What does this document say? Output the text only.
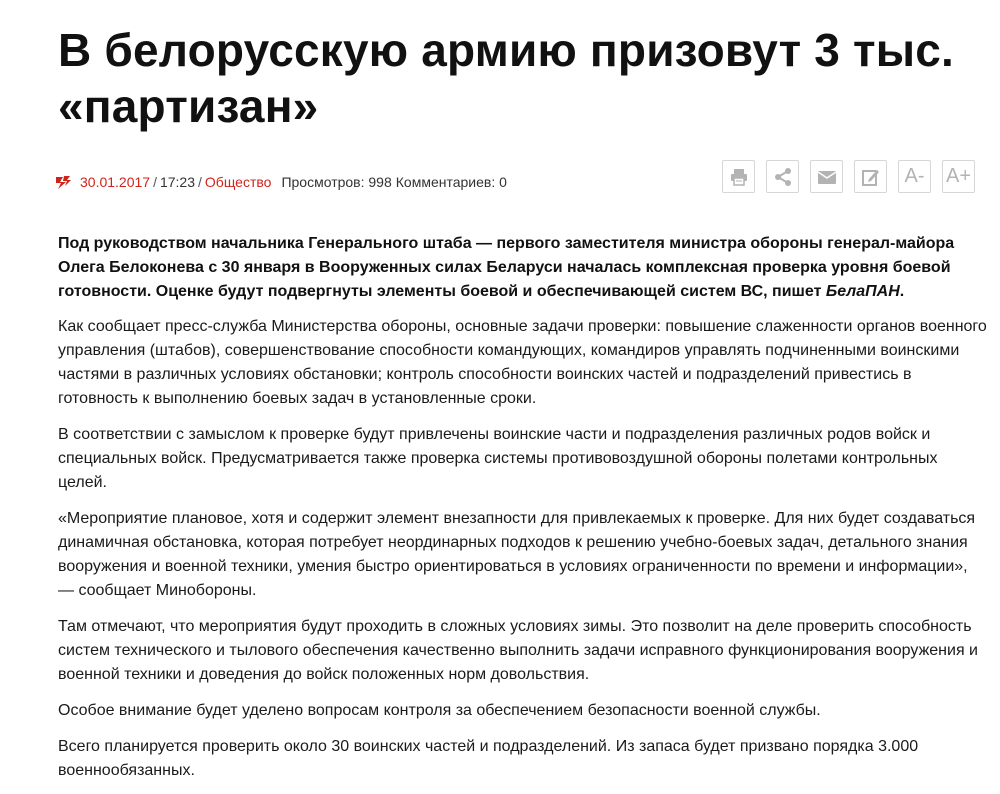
В белорусскую армию призовут 3 тыс. «партизан»
30.01.2017 / 17:23 / Общество Просмотров: 998 Комментариев: 0	A- A+

Под руководством начальника Генерального штаба — первого заместителя министра обороны генерал-майора Олега Белоконева с 30 января в Вооруженных силах Беларуси началась комплексная проверка уровня боевой готовности. Оценке будут подвергнуты элементы боевой и обеспечивающей систем ВС, пишет БелаПАН.

Как сообщает пресс-служба Министерства обороны, основные задачи проверки: повышение слаженности органов военного управления (штабов), совершенствование способности командующих, командиров управлять подчиненными воинскими частями в различных условиях обстановки; контроль способности воинских частей и подразделений привестись в готовность к выполнению боевых задач в установленные сроки.

В соответствии с замыслом к проверке будут привлечены воинские части и подразделения различных родов войск и специальных войск. Предусматривается также проверка системы противовоздушной обороны полетами контрольных целей.

«Мероприятие плановое, хотя и содержит элемент внезапности для привлекаемых к проверке. Для них будет создаваться динамичная обстановка, которая потребует неординарных подходов к решению учебно-боевых задач, детального знания вооружения и военной техники, умения быстро ориентироваться в условиях ограниченности по времени и информации», — сообщает Минобороны.

Там отмечают, что мероприятия будут проходить в сложных условиях зимы. Это позволит на деле проверить способность систем технического и тылового обеспечения качественно выполнить задачи исправного функционирования вооружения и военной техники и доведения до войск положенных норм довольствия.

Особое внимание будет уделено вопросам контроля за обеспечением безопасности военной службы.

Всего планируется проверить около 30 воинских частей и подразделений. Из запаса будет призвано порядка 3.000 военнообязанных.
